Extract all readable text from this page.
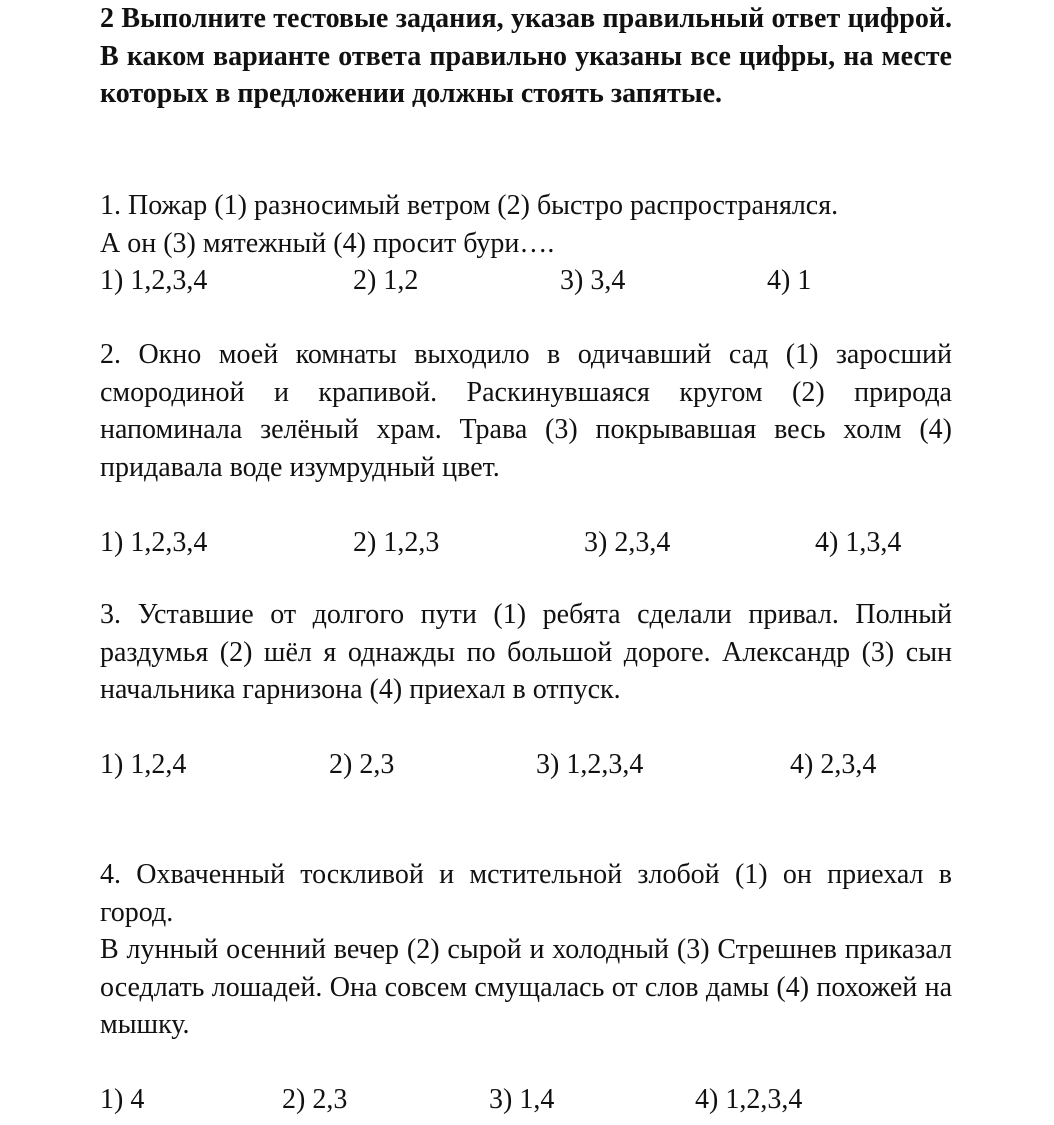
2 Выполните тестовые задания, указав правильный ответ цифрой. В каком варианте ответа правильно указаны все цифры, на месте которых в предложении должны стоять запятые.

1. Пожар (1) разносимый ветром (2) быстро распространялся.

А он (3) мятежный (4) просит бури….

1) 1,2,3,4	2) 1,2	3) 3,4	4) 1

2. Окно моей комнаты выходило в одичавший сад (1) заросший смородиной и крапивой. Раскинувшаяся кругом (2) природа напоминала зелёный храм. Трава (3) покрывавшая весь холм (4) придавала воде изумрудный цвет.

1) 1,2,3,4	2) 1,2,3	3) 2,3,4	4) 1,3,4

3. Уставшие от долгого пути (1) ребята сделали привал. Полный раздумья (2) шёл я однажды по большой дороге. Александр (3) сын начальника гарнизона (4) приехал в отпуск.

1) 1,2,4	2) 2,3	3) 1,2,3,4	4) 2,3,4

4. Охваченный тоскливой и мстительной злобой (1) он приехал в город.

В лунный осенний вечер (2) сырой и холодный (3) Стрешнев приказал оседлать лошадей. Она совсем смущалась от слов дамы (4) похожей на мышку.

1) 4	2) 2,3	3) 1,4	4) 1,2,3,4
